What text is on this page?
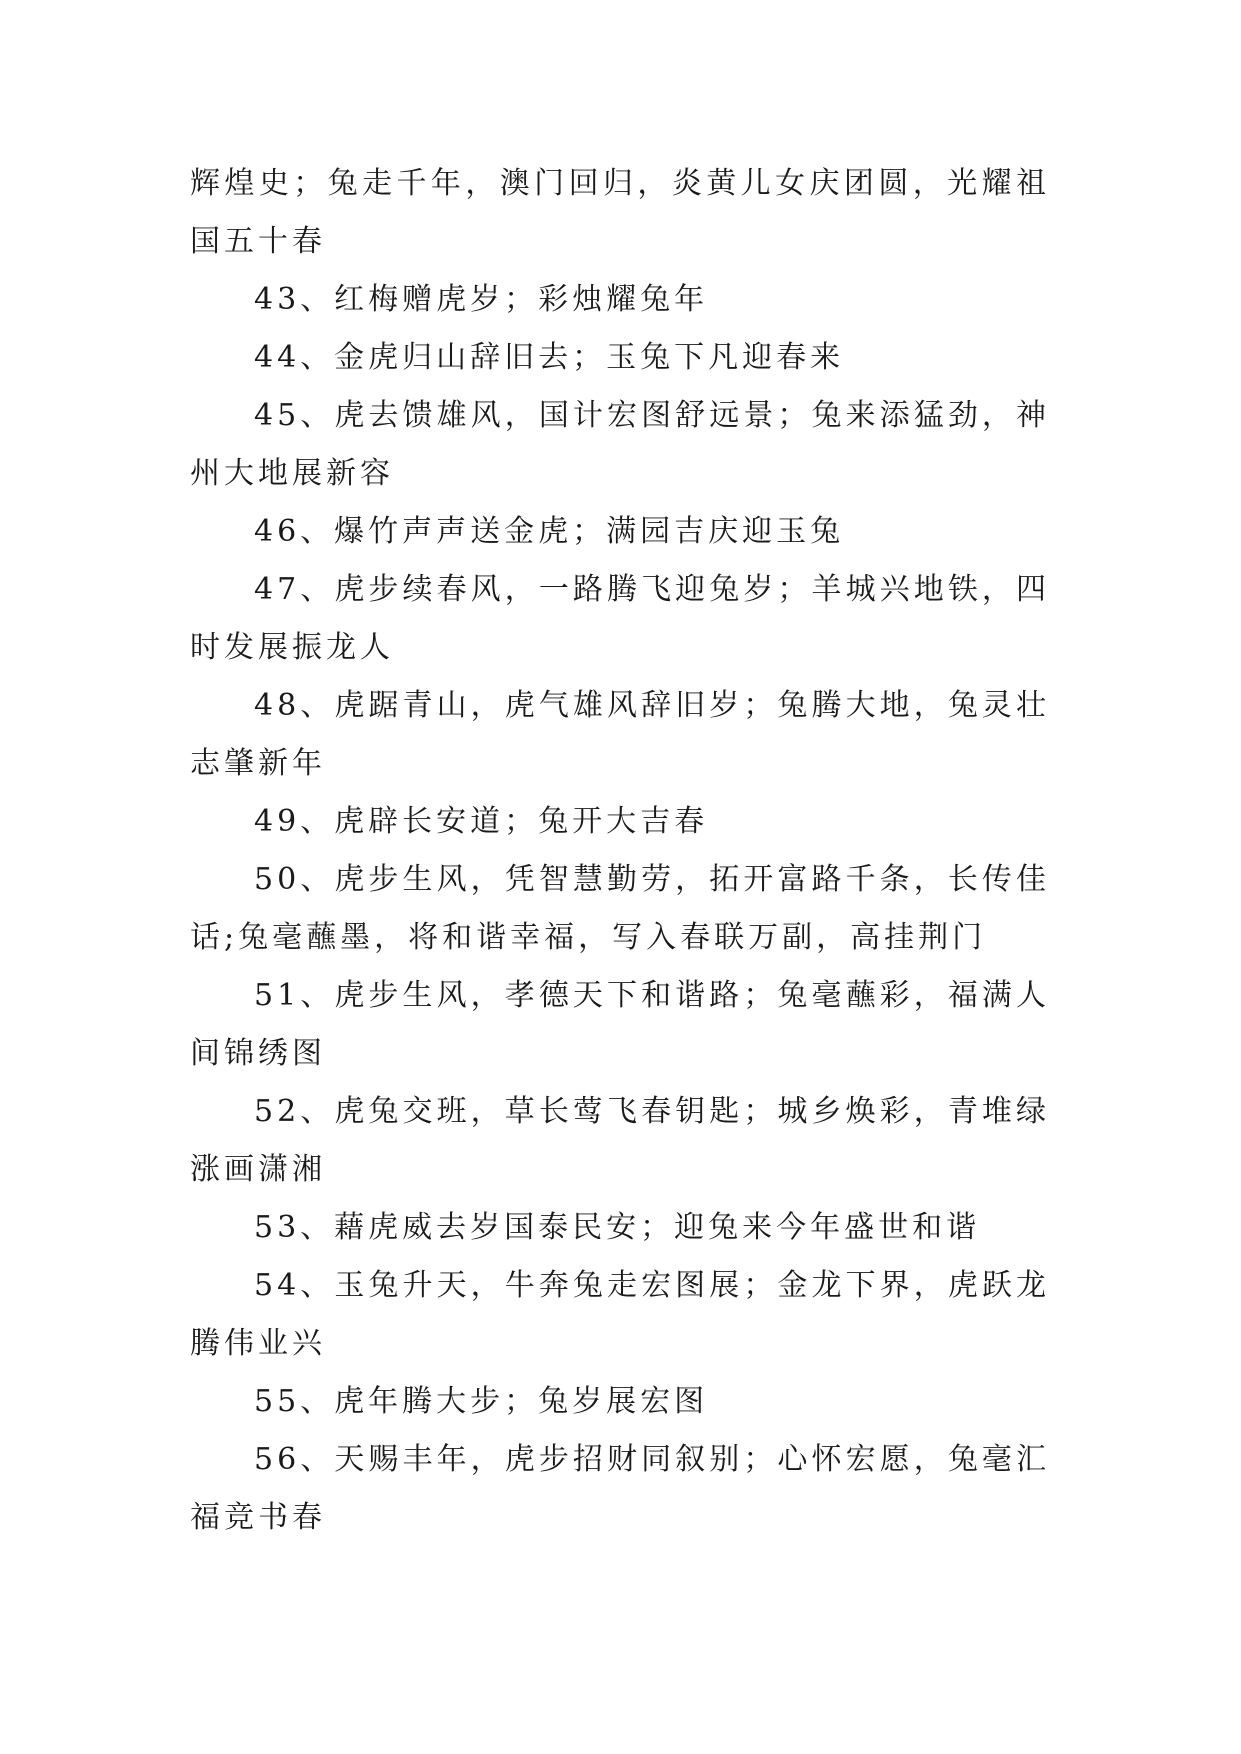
辉煌史；兔走千年，澳门回归，炎黄儿女庆团圆，光耀祖国五十春

43、红梅赠虎岁；彩烛耀兔年

44、金虎归山辞旧去；玉兔下凡迎春来

45、虎去馈雄风，国计宏图舒远景；兔来添猛劲，神州大地展新容

46、爆竹声声送金虎；满园吉庆迎玉兔

47、虎步续春风，一路腾飞迎兔岁；羊城兴地铁，四时发展振龙人

48、虎踞青山，虎气雄风辞旧岁；兔腾大地，兔灵壮志肇新年

49、虎辟长安道；兔开大吉春

50、虎步生风，凭智慧勤劳，拓开富路千条，长传佳话;兔毫蘸墨，将和谐幸福，写入春联万副，高挂荆门

51、虎步生风，孝德天下和谐路；兔毫蘸彩，福满人间锦绣图

52、虎兔交班，草长莺飞春钥匙；城乡焕彩，青堆绿涨画潇湘

53、藉虎威去岁国泰民安；迎兔来今年盛世和谐

54、玉兔升天，牛奔兔走宏图展；金龙下界，虎跃龙腾伟业兴

55、虎年腾大步；兔岁展宏图

56、天赐丰年，虎步招财同叙别；心怀宏愿，兔毫汇福竞书春
